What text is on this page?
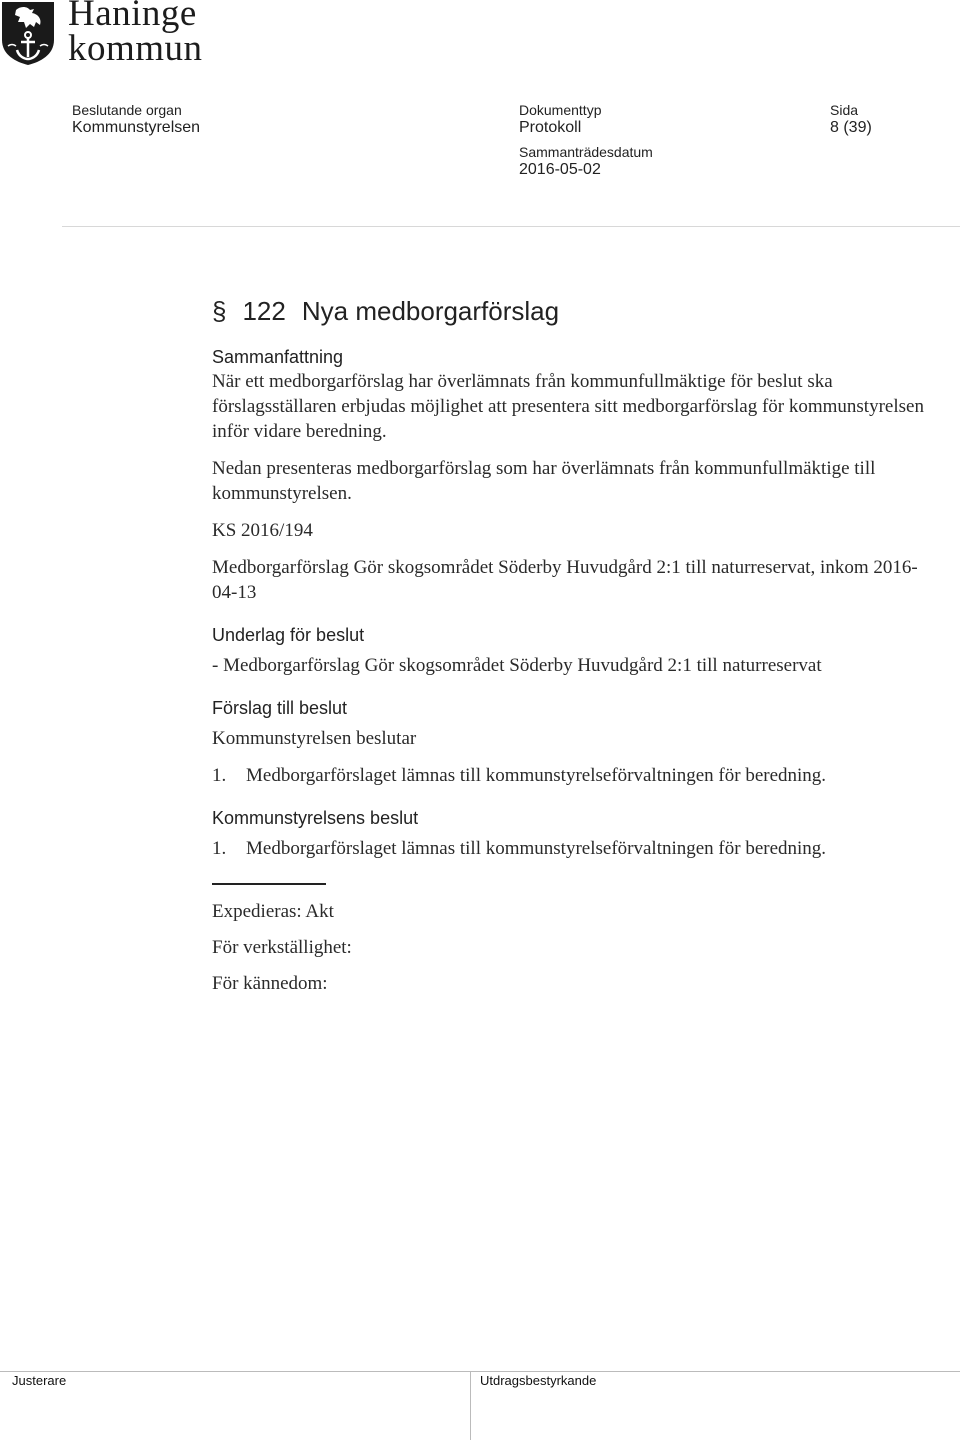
Haninge
kommun
Beslutande organ
Kommunstyrelsen
Dokumenttyp
Protokoll
Sida
8 (39)
Sammanträdesdatum
2016-05-02
§ 122 Nya medborgarförslag
Sammanfattning

När ett medborgarförslag har överlämnats från kommunfullmäktige för beslut ska förslagsställaren erbjudas möjlighet att presentera sitt medborgarförslag för kommunstyrelsen inför vidare beredning.

Nedan presenteras medborgarförslag som har överlämnats från kommunfullmäktige till kommunstyrelsen.

KS 2016/194

Medborgarförslag Gör skogsområdet Söderby Huvudgård 2:1 till naturreservat, inkom 2016-04-13

Underlag för beslut

- Medborgarförslag Gör skogsområdet Söderby Huvudgård 2:1 till naturreservat

Förslag till beslut

Kommunstyrelsen beslutar

1.	Medborgarförslaget lämnas till kommunstyrelseförvaltningen för beredning.
Kommunstyrelsens beslut
1.	Medborgarförslaget lämnas till kommunstyrelseförvaltningen för beredning.
Expedieras: Akt
För verkställighet:
För kännedom:
Justerare	Utdragsbestyrkande
